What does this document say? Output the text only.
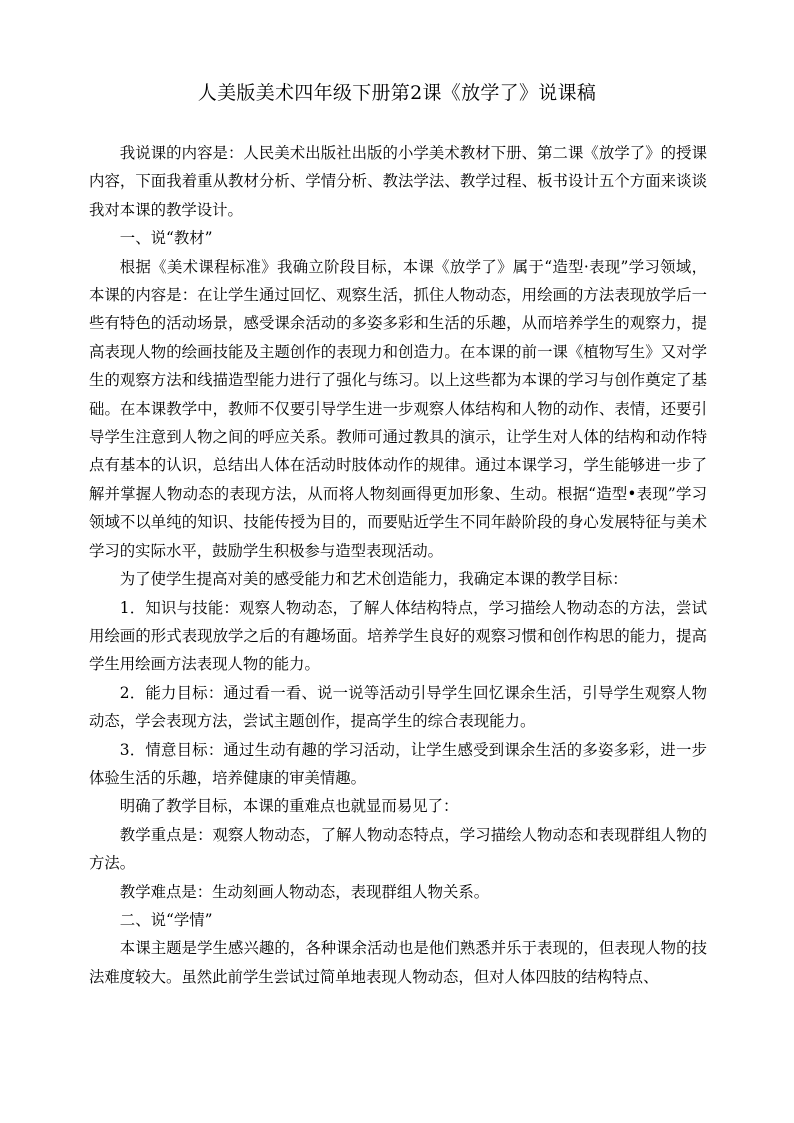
人美版美术四年级下册第2课《放学了》说课稿

我说课的内容是：人民美术出版社出版的小学美术教材下册、第二课《放学了》的授课内容，下面我着重从教材分析、学情分析、教法学法、教学过程、板书设计五个方面来谈谈我对本课的教学设计。

一、说“教材”

根据《美术课程标准》我确立阶段目标，本课《放学了》属于“造型·表现”学习领域，本课的内容是：在让学生通过回忆、观察生活，抓住人物动态，用绘画的方法表现放学后一些有特色的活动场景，感受课余活动的多姿多彩和生活的乐趣，从而培养学生的观察力，提高表现人物的绘画技能及主题创作的表现力和创造力。在本课的前一课《植物写生》又对学生的观察方法和线描造型能力进行了强化与练习。以上这些都为本课的学习与创作奠定了基础。在本课教学中，教师不仅要引导学生进一步观察人体结构和人物的动作、表情，还要引导学生注意到人物之间的呼应关系。教师可通过教具的演示，让学生对人体的结构和动作特点有基本的认识，总结出人体在活动时肢体动作的规律。通过本课学习，学生能够进一步了解并掌握人物动态的表现方法，从而将人物刻画得更加形象、生动。根据“造型•表现”学习领域不以单纯的知识、技能传授为目的，而要贴近学生不同年龄阶段的身心发展特征与美术学习的实际水平，鼓励学生积极参与造型表现活动。

为了使学生提高对美的感受能力和艺术创造能力，我确定本课的教学目标：

1．知识与技能：观察人物动态，了解人体结构特点，学习描绘人物动态的方法，尝试用绘画的形式表现放学之后的有趣场面。培养学生良好的观察习惯和创作构思的能力，提高学生用绘画方法表现人物的能力。

2．能力目标：通过看一看、说一说等活动引导学生回忆课余生活，引导学生观察人物动态，学会表现方法，尝试主题创作，提高学生的综合表现能力。

3．情意目标：通过生动有趣的学习活动，让学生感受到课余生活的多姿多彩，进一步体验生活的乐趣，培养健康的审美情趣。

明确了教学目标，本课的重难点也就显而易见了：

教学重点是：观察人物动态，了解人物动态特点，学习描绘人物动态和表现群组人物的方法。

教学难点是：生动刻画人物动态，表现群组人物关系。

二、说“学情”

本课主题是学生感兴趣的，各种课余活动也是他们熟悉并乐于表现的，但表现人物的技法难度较大。虽然此前学生尝试过简单地表现人物动态，但对人体四肢的结构特点、
